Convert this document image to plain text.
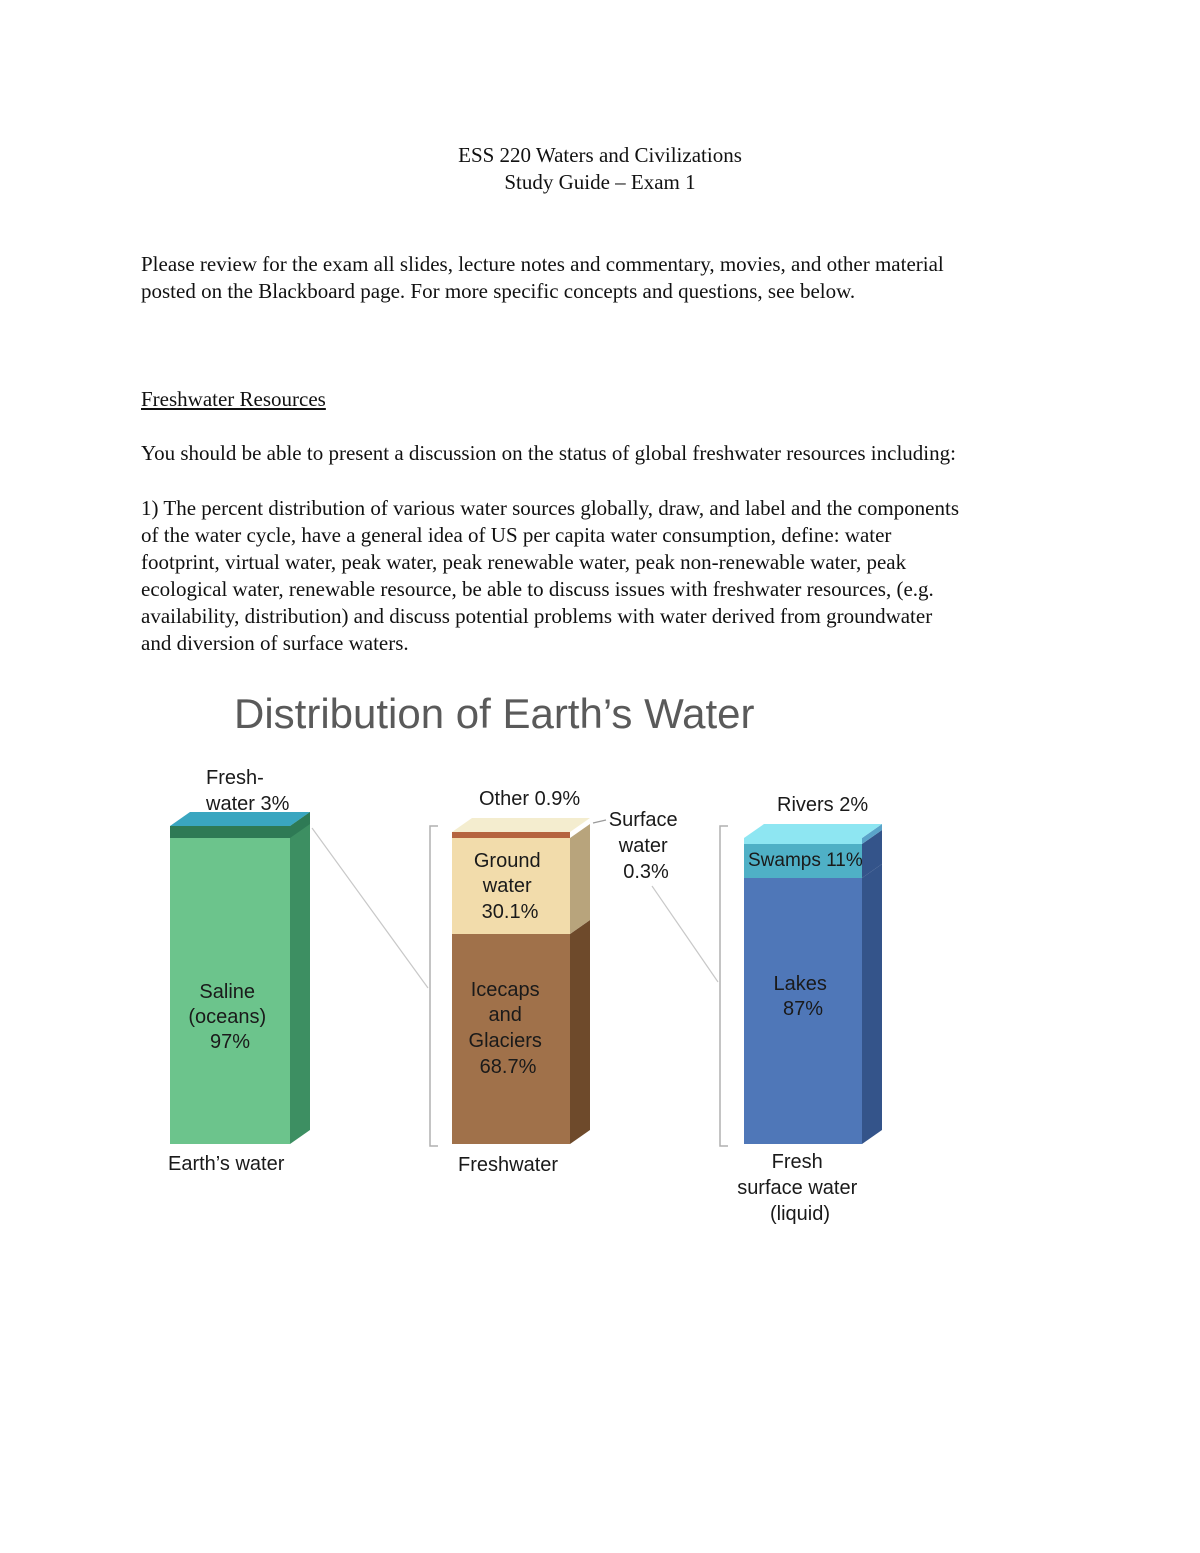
ESS 220 Waters and Civilizations
Study Guide – Exam 1
Please review for the exam all slides, lecture notes and commentary, movies, and other material
posted on the Blackboard page. For more specific concepts and questions, see below.
Freshwater Resources
You should be able to present a discussion on the status of global freshwater resources including:
1) The percent distribution of various water sources globally, draw, and label and the components
of the water cycle, have a general idea of US per capita water consumption, define: water
footprint, virtual water, peak water, peak renewable water, peak non-renewable water, peak
ecological water, renewable resource, be able to discuss issues with freshwater resources, (e.g.
availability, distribution) and discuss potential problems with water derived from groundwater
and diversion of surface waters.
Distribution of Earth’s Water
Saline (oceans) 97%
Fresh- water 3%
Earth’s water
Icecaps and Glaciers 68.7%
Ground water 30.1%
Other 0.9%
Surface water 0.3%
Freshwater
Lakes 87%
Swamps 11%
Rivers 2%
Fresh surface water (liquid)
